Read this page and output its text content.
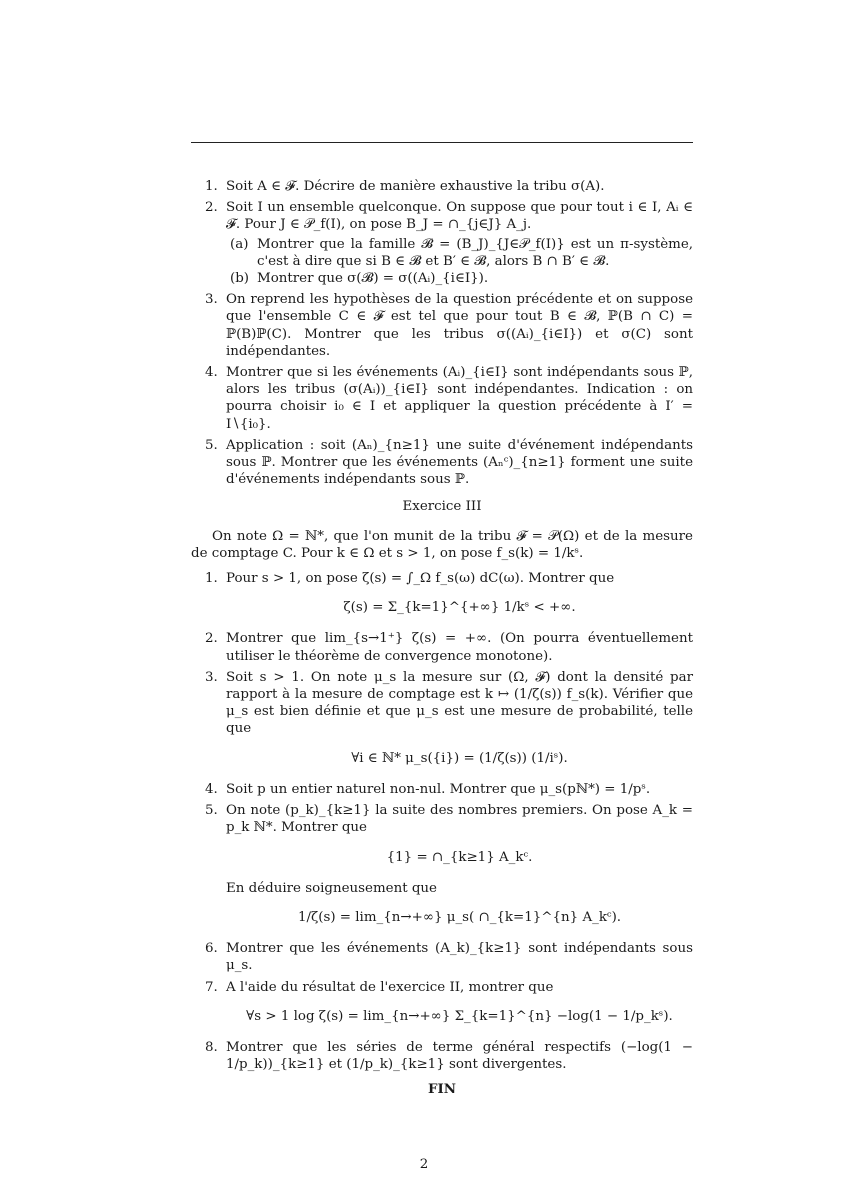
1. Soit A ∈ 𝓕. Décrire de manière exhaustive la tribu σ(A).
2. Soit I un ensemble quelconque. On suppose que pour tout i ∈ I, Aᵢ ∈ 𝓕. Pour J ∈ 𝒫_f(I), on pose B_J = ∩_{j∈J} A_j.
(a) Montrer que la famille 𝓑 = (B_J)_{J∈𝒫_f(I)} est un π-système, c'est à dire que si B ∈ 𝓑 et B′ ∈ 𝓑, alors B ∩ B′ ∈ 𝓑.
(b) Montrer que σ(𝓑) = σ((Aᵢ)_{i∈I}).
3. On reprend les hypothèses de la question précédente et on suppose que l'ensemble C ∈ 𝓕 est tel que pour tout B ∈ 𝓑, ℙ(B ∩ C) = ℙ(B)ℙ(C). Montrer que les tribus σ((Aᵢ)_{i∈I}) et σ(C) sont indépendantes.
4. Montrer que si les événements (Aᵢ)_{i∈I} sont indépendants sous ℙ, alors les tribus (σ(Aᵢ))_{i∈I} sont indépendantes. Indication : on pourra choisir i₀ ∈ I et appliquer la question précédente à I′ = I∖{i₀}.
5. Application : soit (Aₙ)_{n≥1} une suite d'événement indépendants sous ℙ. Montrer que les événements (Aₙᶜ)_{n≥1} forment une suite d'événements indépendants sous ℙ.
Exercice III
On note Ω = ℕ*, que l'on munit de la tribu 𝓕 = 𝒫(Ω) et de la mesure de comptage C. Pour k ∈ Ω et s > 1, on pose f_s(k) = 1/kˢ.
1. Pour s > 1, on pose ζ(s) = ∫_Ω f_s(ω) dC(ω). Montrer que
ζ(s) = Σ_{k=1}^{+∞} 1/kˢ < +∞.
2. Montrer que lim_{s→1⁺} ζ(s) = +∞. (On pourra éventuellement utiliser le théorème de convergence monotone).
3. Soit s > 1. On note μ_s la mesure sur (Ω, 𝓕) dont la densité par rapport à la mesure de comptage est k ↦ (1/ζ(s)) f_s(k). Vérifier que μ_s est bien définie et que μ_s est une mesure de probabilité, telle que
∀i ∈ ℕ* μ_s({i}) = (1/ζ(s)) (1/iˢ).
4. Soit p un entier naturel non-nul. Montrer que μ_s(pℕ*) = 1/pˢ.
5. On note (p_k)_{k≥1} la suite des nombres premiers. On pose A_k = p_k ℕ*. Montrer que
{1} = ∩_{k≥1} A_kᶜ.
En déduire soigneusement que
1/ζ(s) = lim_{n→+∞} μ_s( ∩_{k=1}^{n} A_kᶜ).
6. Montrer que les événements (A_k)_{k≥1} sont indépendants sous μ_s.
7. A l'aide du résultat de l'exercice II, montrer que
∀s > 1 log ζ(s) = lim_{n→+∞} Σ_{k=1}^{n} −log(1 − 1/p_kˢ).
8. Montrer que les séries de terme général respectifs (−log(1 − 1/p_k))_{k≥1} et (1/p_k)_{k≥1} sont divergentes.
FIN
2
